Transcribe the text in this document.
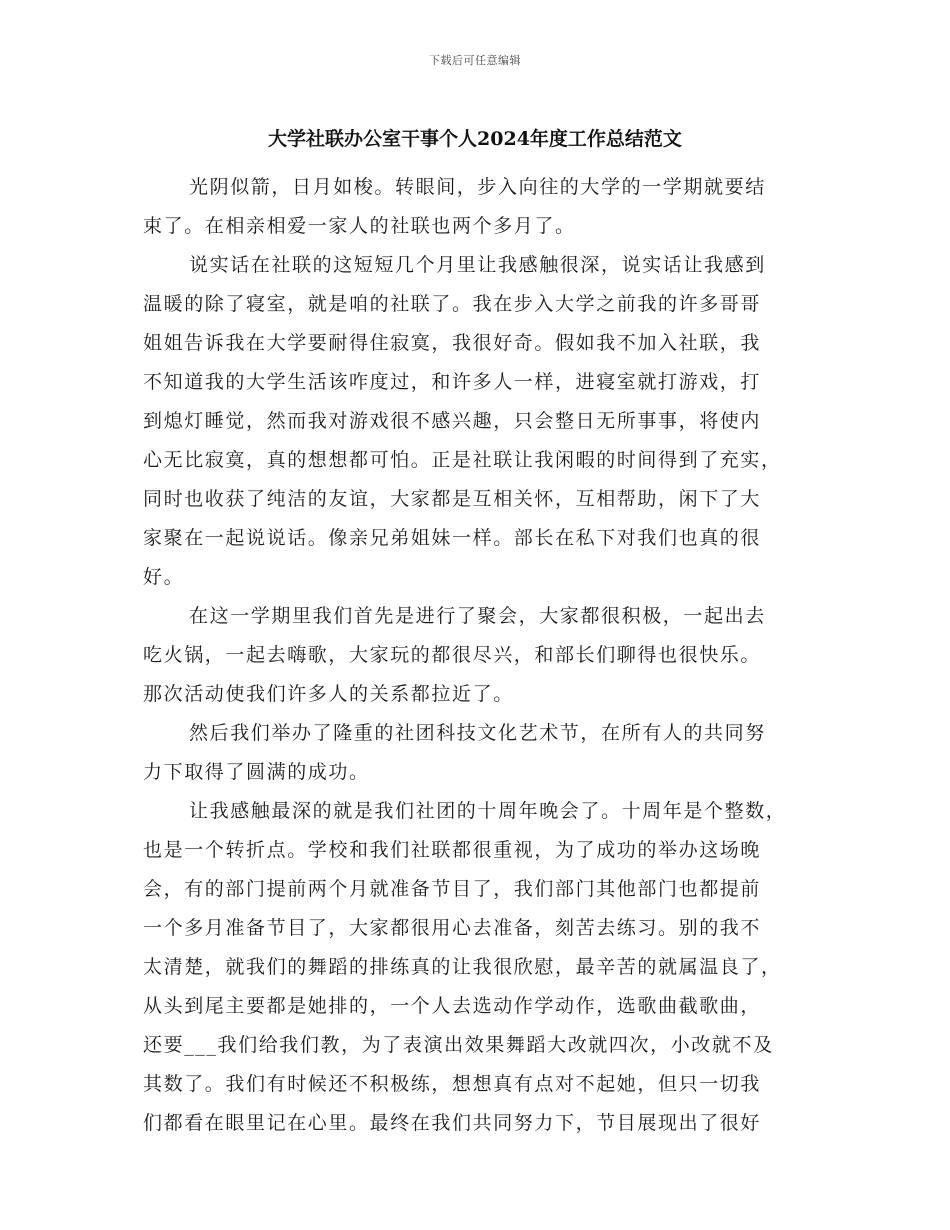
下载后可任意编辑
大学社联办公室干事个人2024年度工作总结范文
光阴似箭，日月如梭。转眼间，步入向往的大学的一学期就要结
束了。在相亲相爱一家人的社联也两个多月了。
说实话在社联的这短短几个月里让我感触很深，说实话让我感到
温暖的除了寝室，就是咱的社联了。我在步入大学之前我的许多哥哥
姐姐告诉我在大学要耐得住寂寞，我很好奇。假如我不加入社联，我
不知道我的大学生活该咋度过，和许多人一样，进寝室就打游戏，打
到熄灯睡觉，然而我对游戏很不感兴趣，只会整日无所事事，将使内
心无比寂寞，真的想想都可怕。正是社联让我闲暇的时间得到了充实，
同时也收获了纯洁的友谊，大家都是互相关怀，互相帮助，闲下了大
家聚在一起说说话。像亲兄弟姐妹一样。部长在私下对我们也真的很
好。
在这一学期里我们首先是进行了聚会，大家都很积极，一起出去
吃火锅，一起去嗨歌，大家玩的都很尽兴，和部长们聊得也很快乐。
那次活动使我们许多人的关系都拉近了。
然后我们举办了隆重的社团科技文化艺术节，在所有人的共同努
力下取得了圆满的成功。
让我感触最深的就是我们社团的十周年晚会了。十周年是个整数，
也是一个转折点。学校和我们社联都很重视，为了成功的举办这场晚
会，有的部门提前两个月就准备节目了，我们部门其他部门也都提前
一个多月准备节目了，大家都很用心去准备，刻苦去练习。别的我不
太清楚，就我们的舞蹈的排练真的让我很欣慰，最辛苦的就属温良了，
从头到尾主要都是她排的，一个人去选动作学动作，选歌曲截歌曲，
还要___我们给我们教，为了表演出效果舞蹈大改就四次，小改就不及
其数了。我们有时候还不积极练，想想真有点对不起她，但只一切我
们都看在眼里记在心里。最终在我们共同努力下，节目展现出了很好
